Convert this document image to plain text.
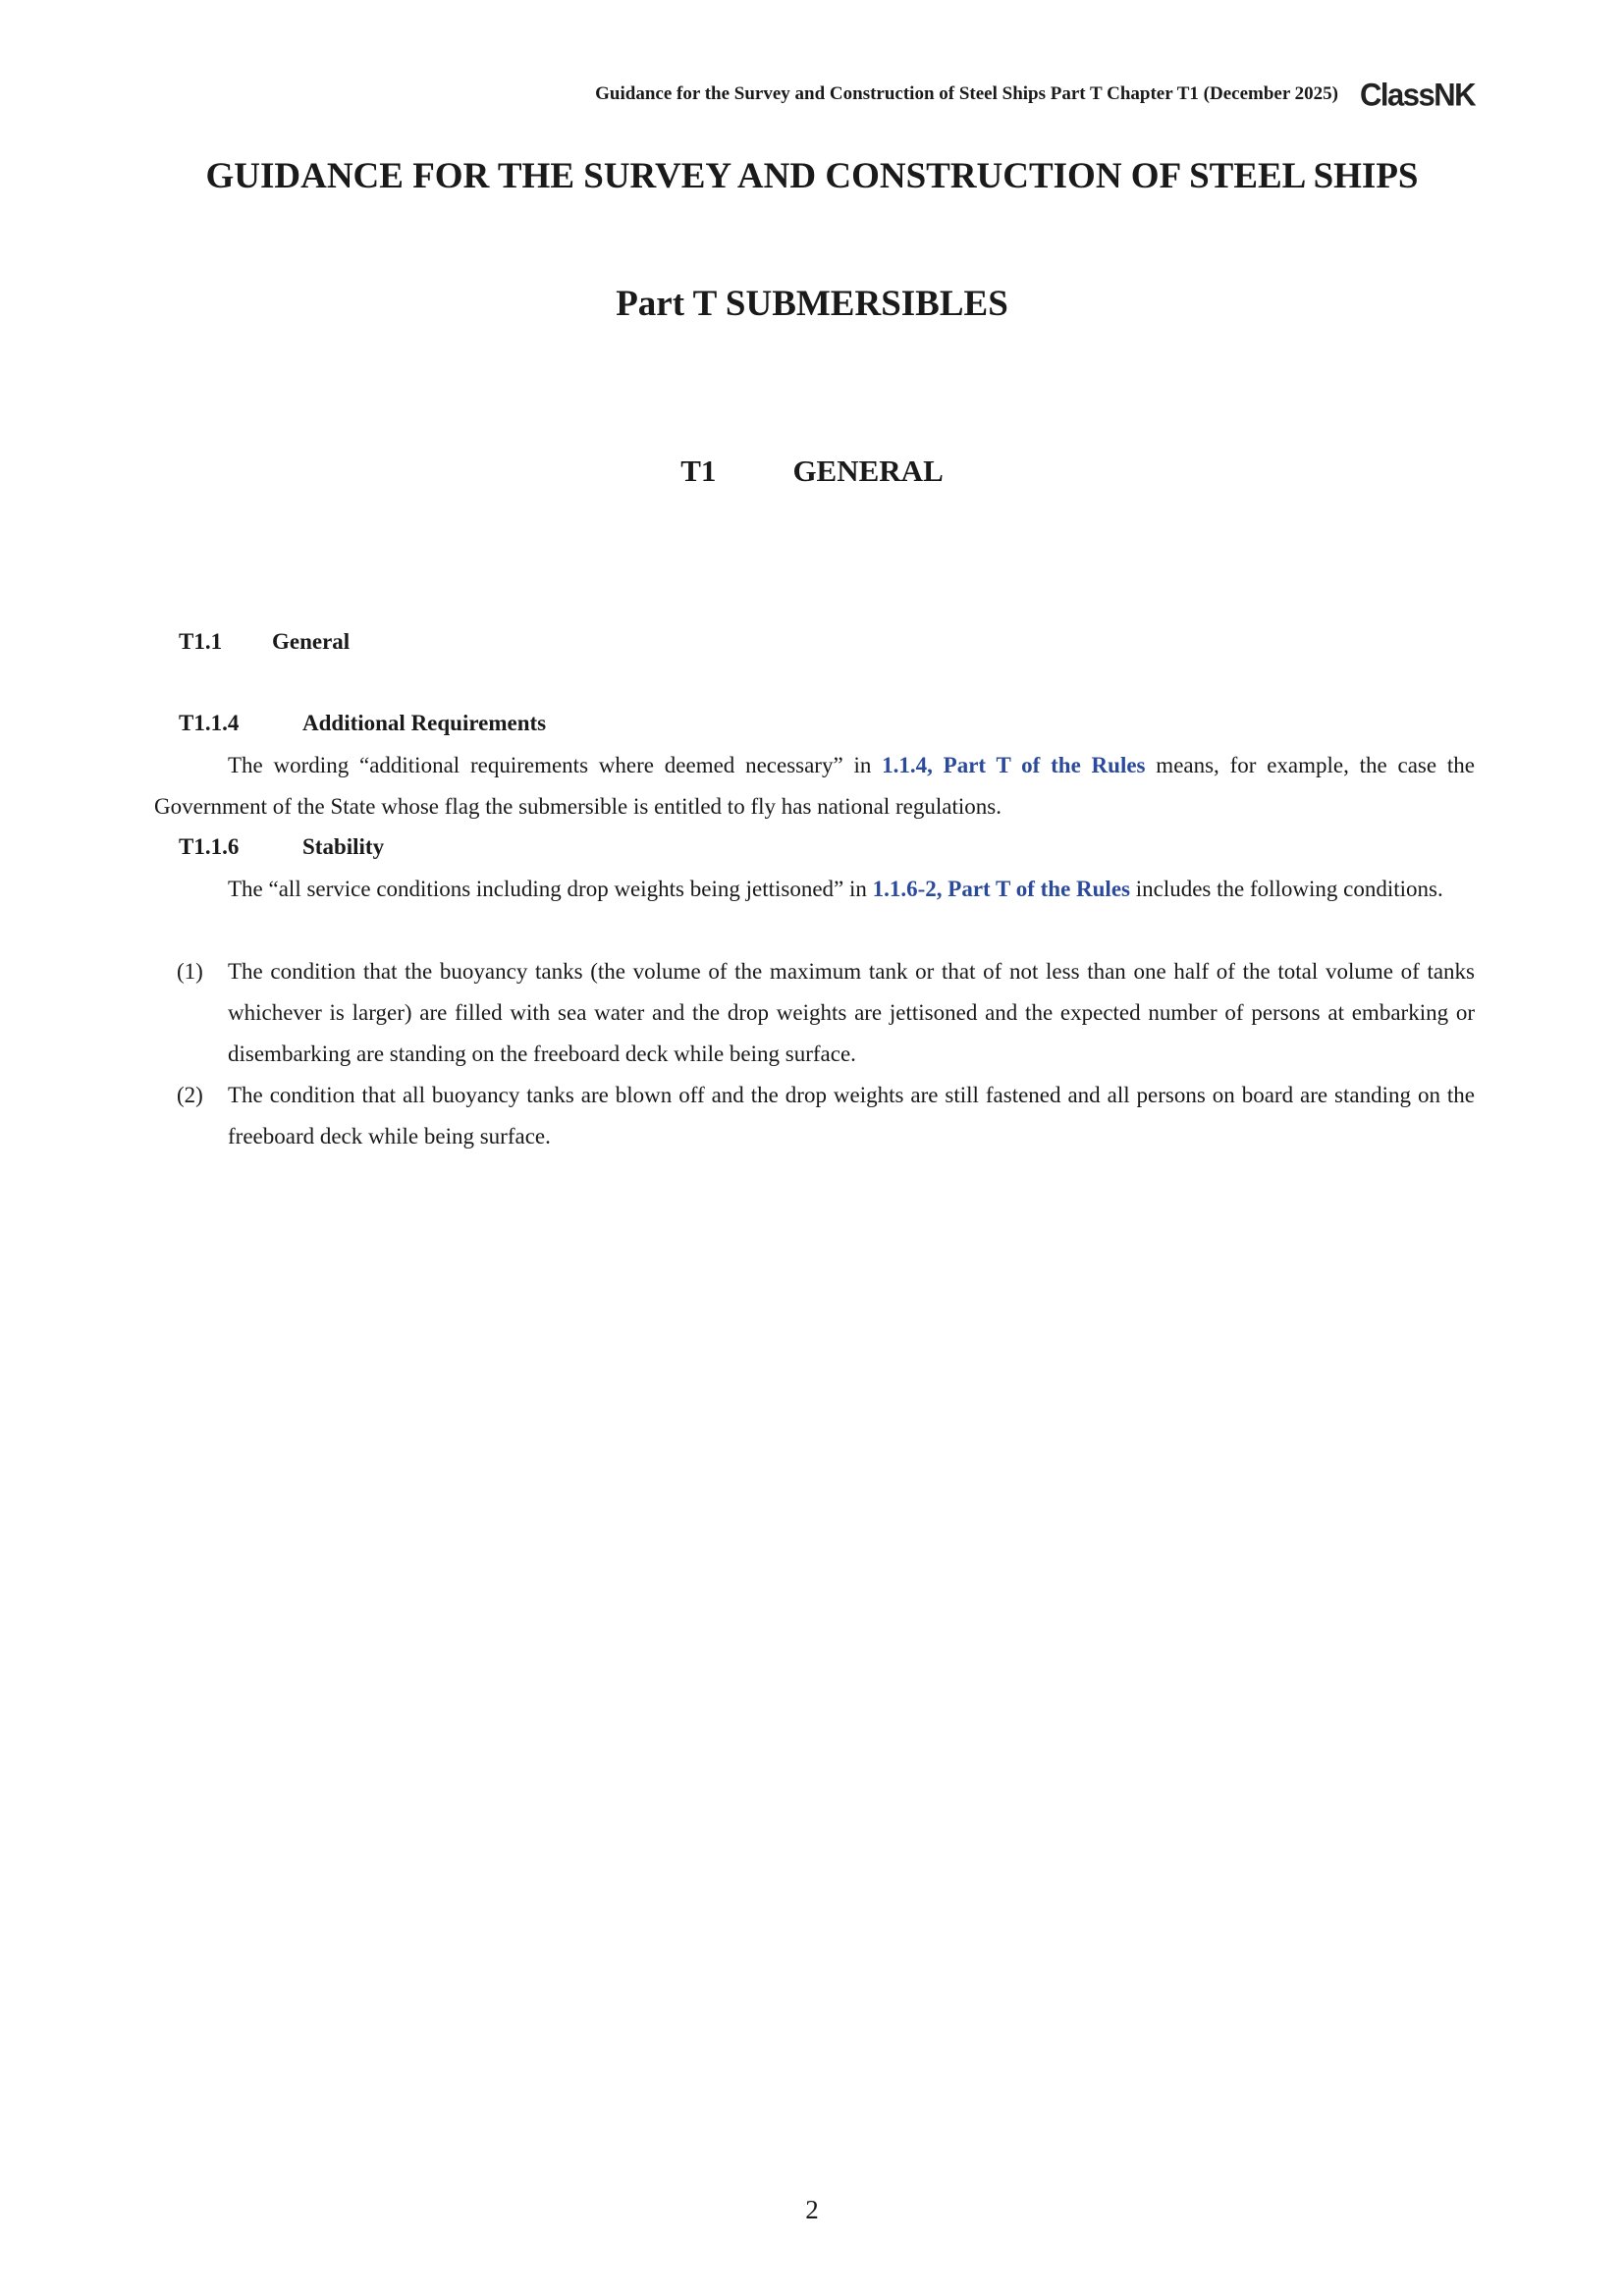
Guidance for the Survey and Construction of Steel Ships Part T Chapter T1 (December 2025) ClassNK
GUIDANCE FOR THE SURVEY AND CONSTRUCTION OF STEEL SHIPS
Part T SUBMERSIBLES
T1	GENERAL
T1.1 General
T1.1.4	Additional Requirements

The wording “additional requirements where deemed necessary” in 1.1.4, Part T of the Rules means, for example, the case the Government of the State whose flag the submersible is entitled to fly has national regulations.

T1.1.6	Stability

The “all service conditions including drop weights being jettisoned” in 1.1.6-2, Part T of the Rules includes the following conditions.

(1) The condition that the buoyancy tanks (the volume of the maximum tank or that of not less than one half of the total volume of tanks whichever is larger) are filled with sea water and the drop weights are jettisoned and the expected number of persons at embarking or disembarking are standing on the freeboard deck while being surface.
(2) The condition that all buoyancy tanks are blown off and the drop weights are still fastened and all persons on board are standing on the freeboard deck while being surface.
2
